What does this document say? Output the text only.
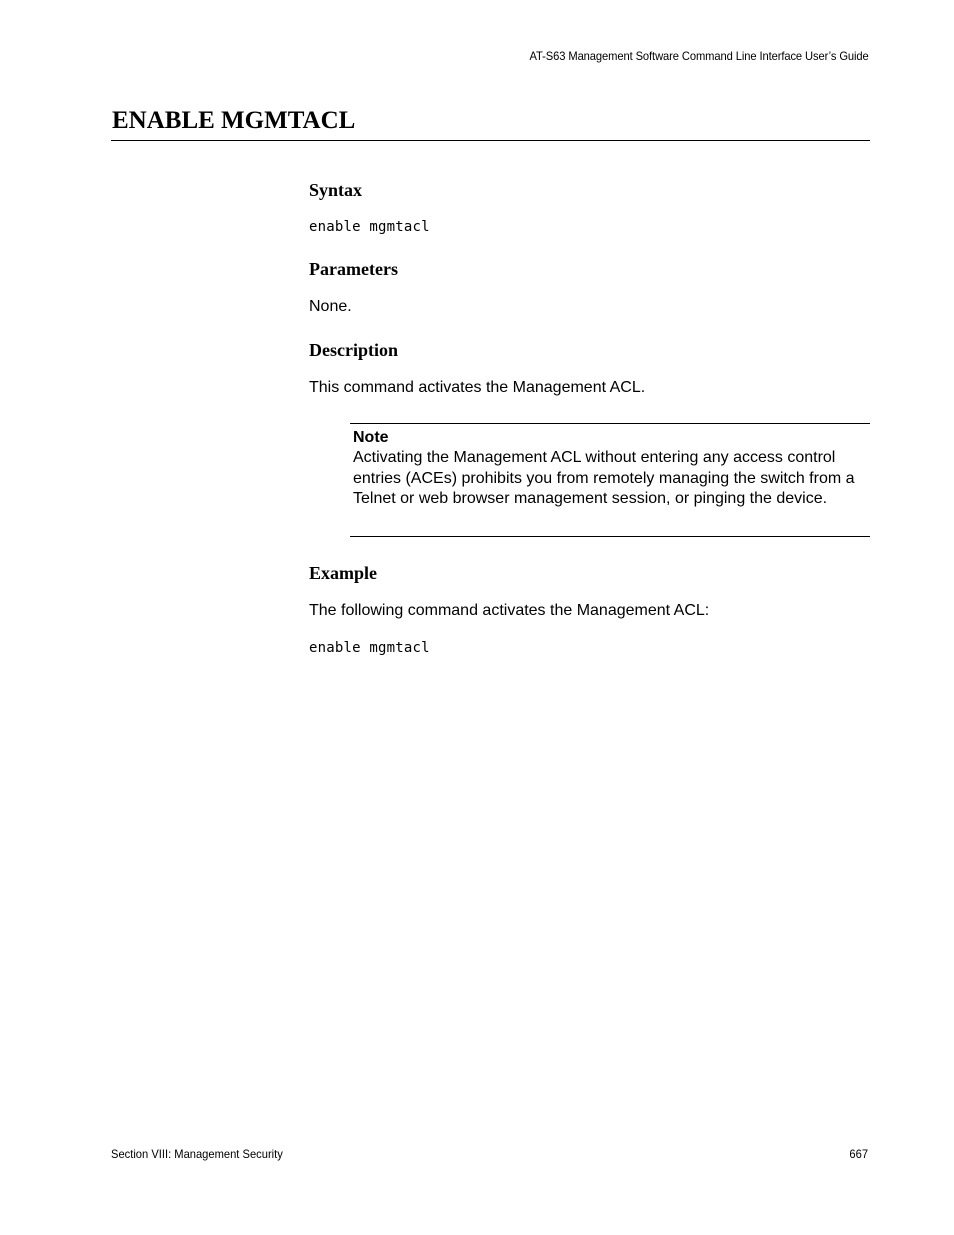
AT-S63 Management Software Command Line Interface User’s Guide
ENABLE MGMTACL
Syntax
enable mgmtacl
Parameters
None.
Description
This command activates the Management ACL.
Note
Activating the Management ACL without entering any access control entries (ACEs) prohibits you from remotely managing the switch from a Telnet or web browser management session, or pinging the device.
Example
The following command activates the Management ACL:
enable mgmtacl
Section VIII: Management Security	667
